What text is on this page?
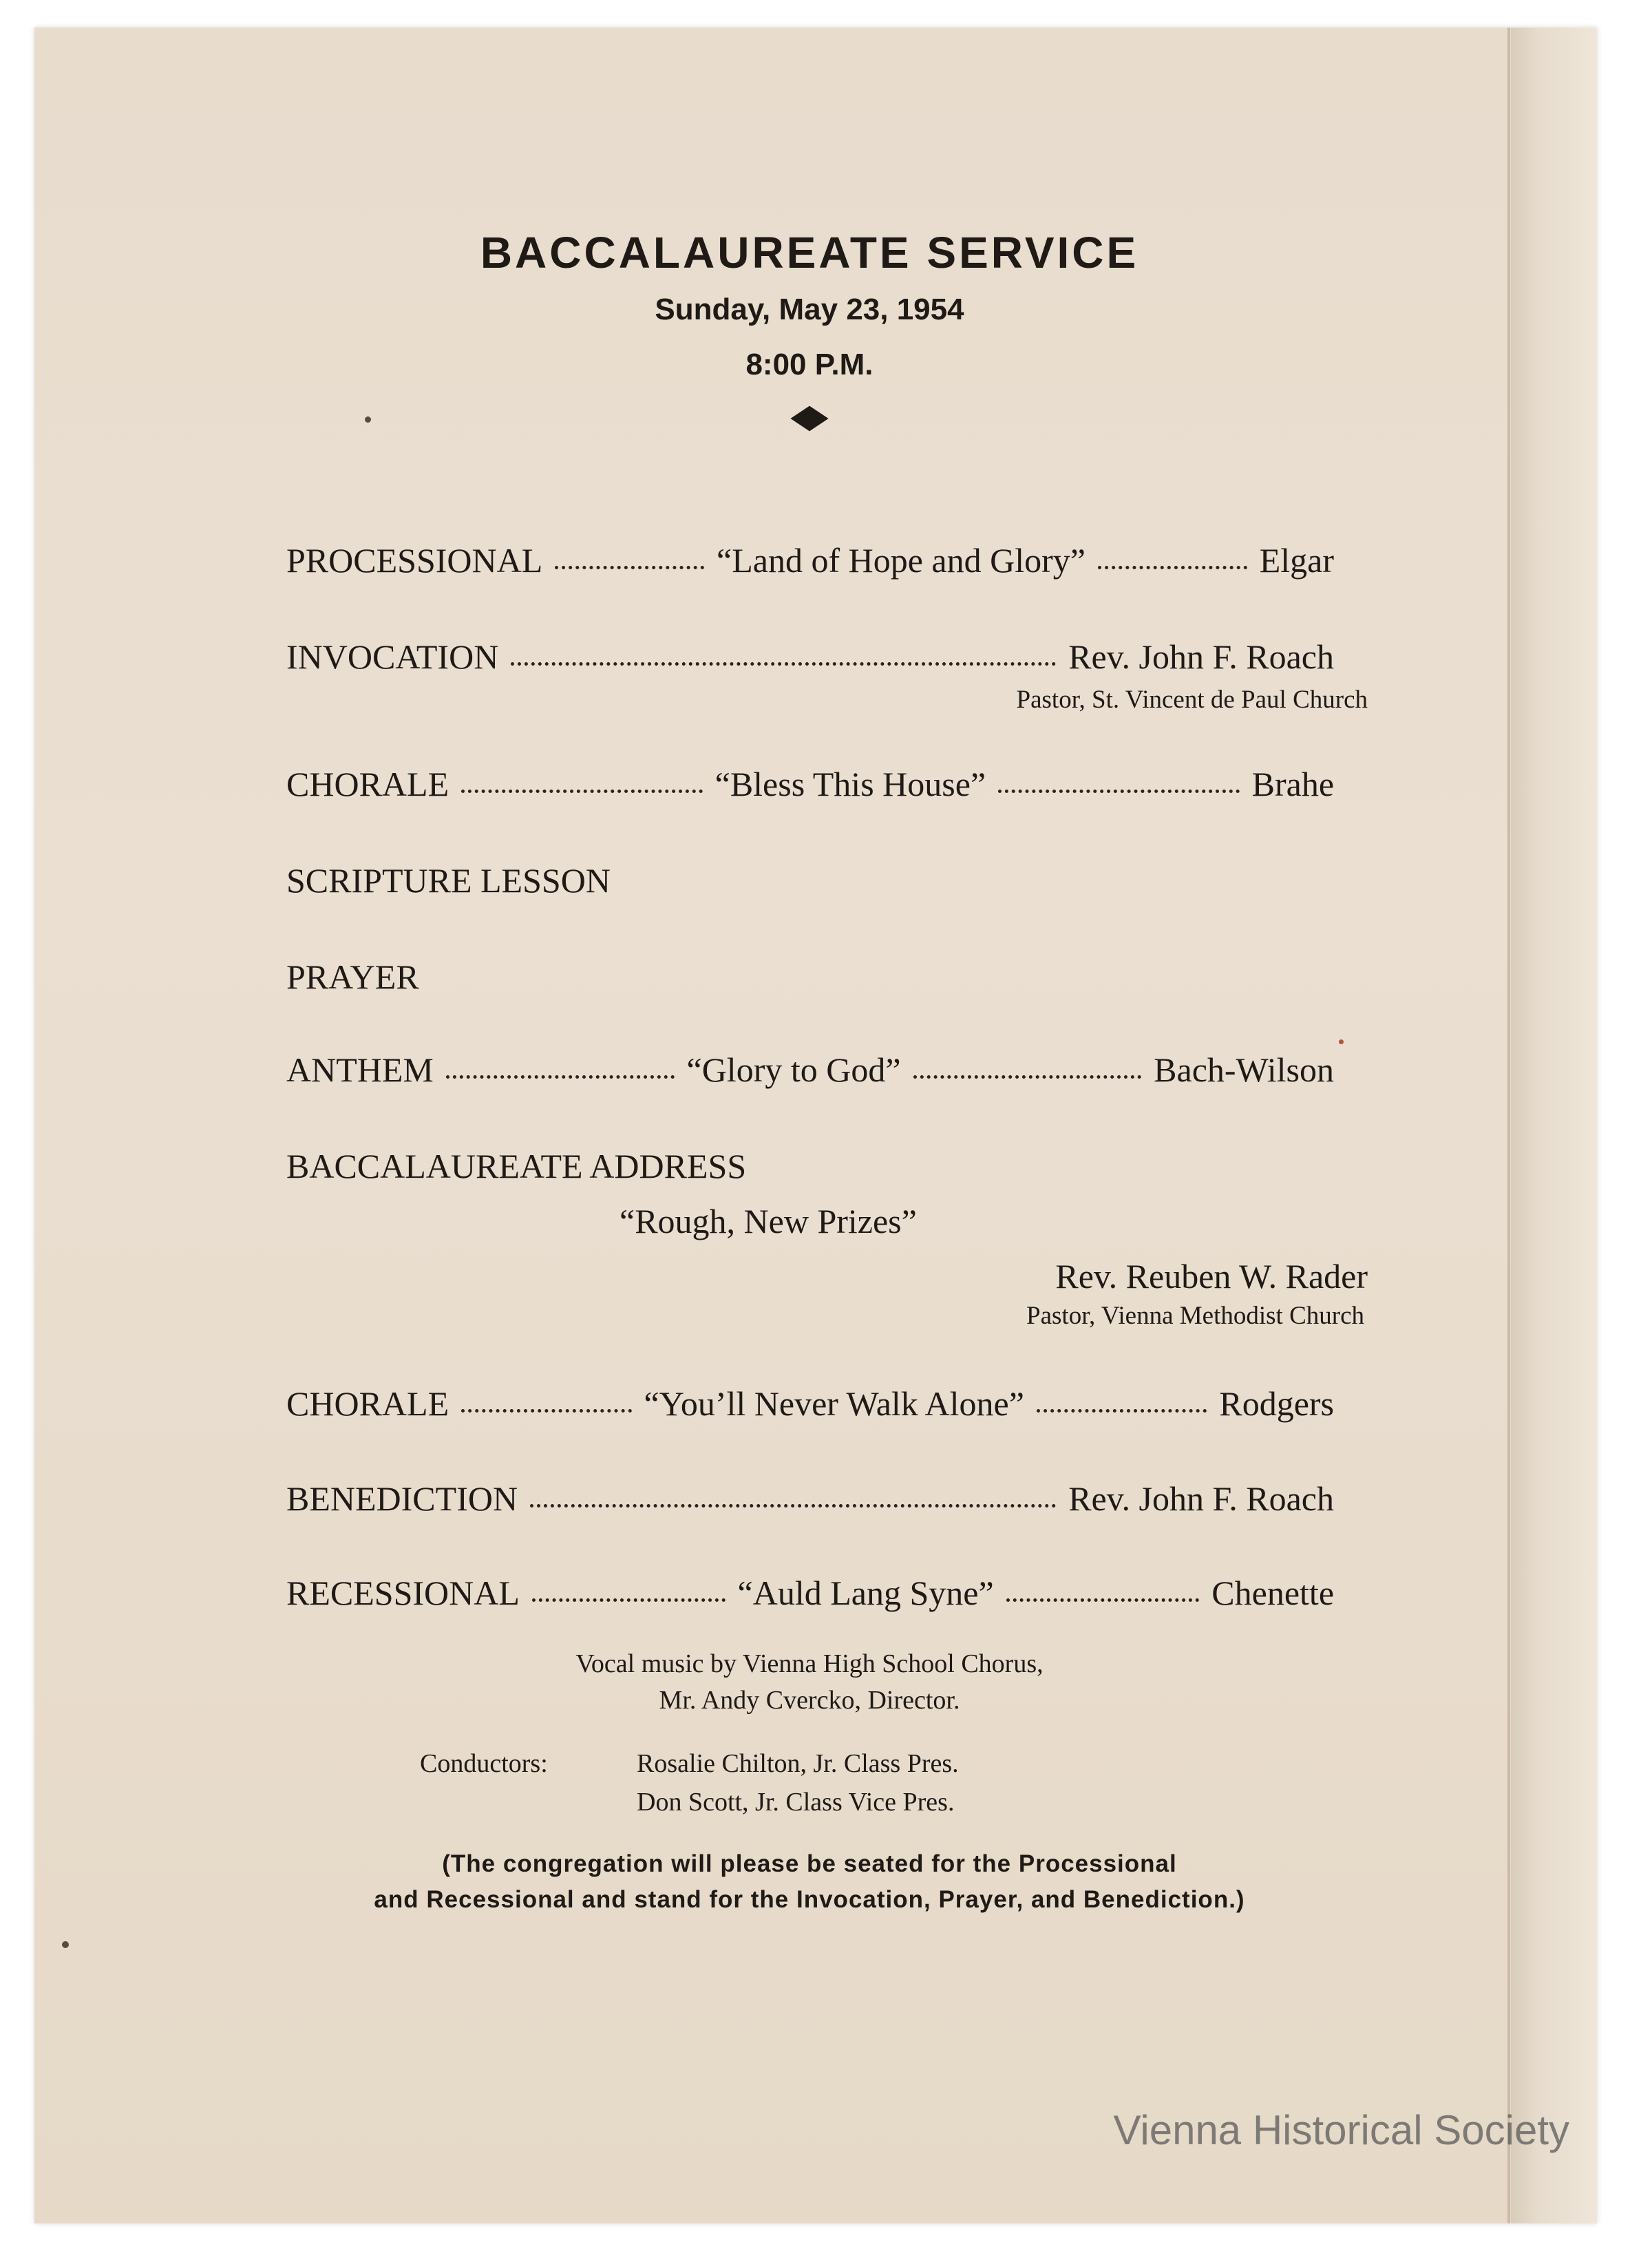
BACCALAUREATE SERVICE
Sunday, May 23, 1954
8:00 P.M.
PROCESSIONAL	“Land of Hope and Glory”	Elgar
INVOCATION	Rev. John F. Roach
Pastor, St. Vincent de Paul Church
CHORALE	“Bless This House”	Brahe
SCRIPTURE LESSON
PRAYER
ANTHEM	“Glory to God”	Bach-Wilson
BACCALAUREATE ADDRESS
“Rough, New Prizes”
Rev. Reuben W. Rader
Pastor, Vienna Methodist Church
CHORALE	“You’ll Never Walk Alone”	Rodgers
BENEDICTION	Rev. John F. Roach
RECESSIONAL	“Auld Lang Syne”	Chenette
Vocal music by Vienna High School Chorus,
Mr. Andy Cvercko, Director.
Conductors:	Rosalie Chilton, Jr. Class Pres.
Don Scott, Jr. Class Vice Pres.
(The congregation will please be seated for the Processional
and Recessional and stand for the Invocation, Prayer, and Benediction.)
Vienna Historical Society
